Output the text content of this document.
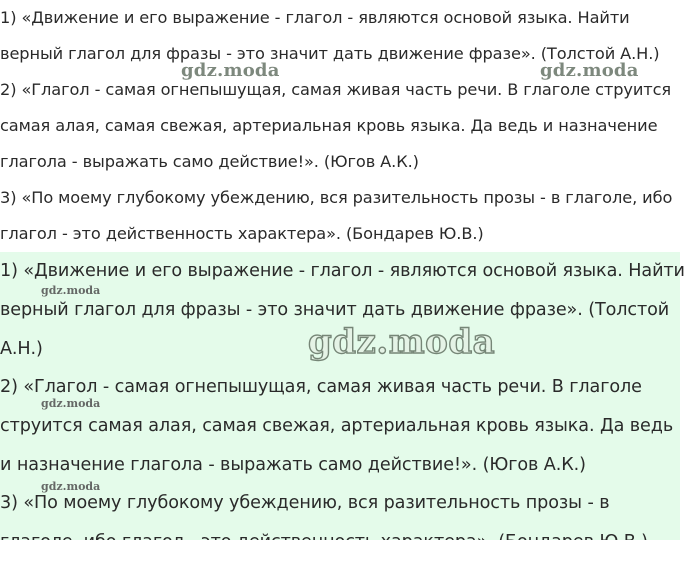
1) «Движение и его выражение - глагол - являются основой языка. Найти
верный глагол для фразы - это значит дать движение фразе». (Толстой А.Н.)
2) «Глагол - самая огнепышущая, самая живая часть речи. В глаголе струится
самая алая, самая свежая, артериальная кровь языка. Да ведь и назначение
глагола - выражать само действие!». (Югов А.К.)
3) «По моему глубокому убеждению, вся разительность прозы - в глаголе, ибо
глагол - это действенность характера». (Бондарев Ю.В.)
gdz.moda	gdz.moda
1) «Движение и его выражение - глагол - являются основой языка. Найти
верный глагол для фразы - это значит дать движение фразе». (Толстой
А.Н.)
2) «Глагол - самая огнепышущая, самая живая часть речи. В глаголе
струится самая алая, самая свежая, артериальная кровь языка. Да ведь
и назначение глагола - выражать само действие!». (Югов А.К.)
3) «По моему глубокому убеждению, вся разительность прозы - в
gdz.moda
gdz.moda
gdz.moda
gdz.moda
